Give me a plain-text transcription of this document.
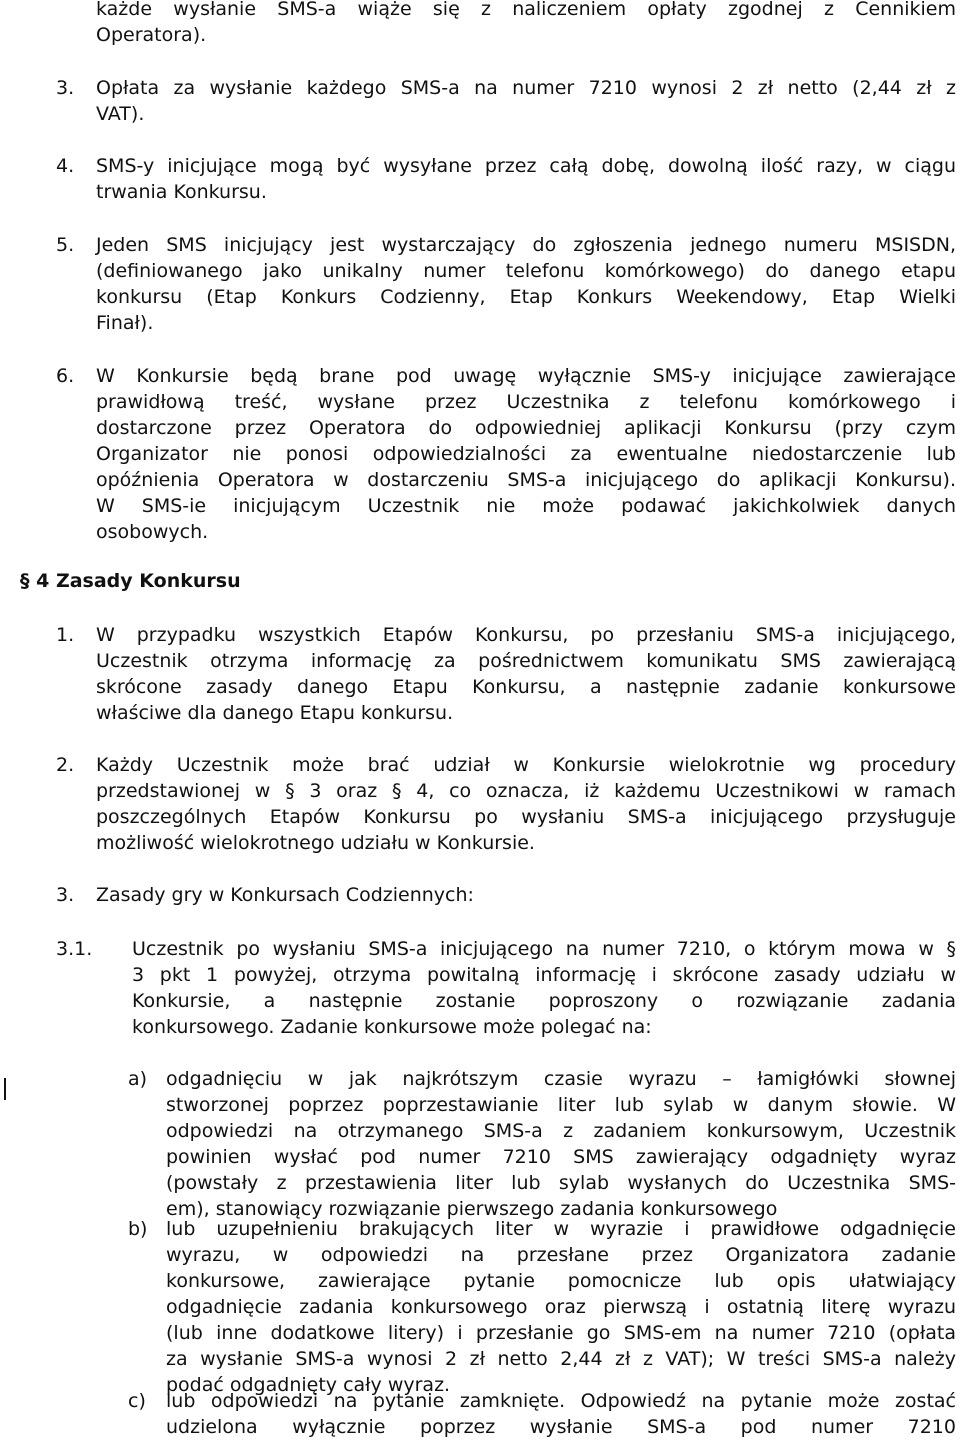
każde wysłanie SMS-a wiąże się z naliczeniem opłaty zgodnej z Cennikiem
Operatora).
3. Opłata za wysłanie każdego SMS-a na numer 7210 wynosi 2 zł netto (2,44 zł z
VAT).
4. SMS-y inicjujące mogą być wysyłane przez całą dobę, dowolną ilość razy, w ciągu
trwania Konkursu.
5. Jeden SMS inicjujący jest wystarczający do zgłoszenia jednego numeru MSISDN,
(definiowanego jako unikalny numer telefonu komórkowego) do danego etapu
konkursu (Etap Konkurs Codzienny, Etap Konkurs Weekendowy, Etap Wielki
Finał).
6. W Konkursie będą brane pod uwagę wyłącznie SMS-y inicjujące zawierające
prawidłową treść, wysłane przez Uczestnika z telefonu komórkowego i
dostarczone przez Operatora do odpowiedniej aplikacji Konkursu (przy czym
Organizator nie ponosi odpowiedzialności za ewentualne niedostarczenie lub
opóźnienia Operatora w dostarczeniu SMS-a inicjującego do aplikacji Konkursu).
W SMS-ie inicjującym Uczestnik nie może podawać jakichkolwiek danych
osobowych.
§ 4 Zasady Konkursu
1. W przypadku wszystkich Etapów Konkursu, po przesłaniu SMS-a inicjującego,
Uczestnik otrzyma informację za pośrednictwem komunikatu SMS zawierającą
skrócone zasady danego Etapu Konkursu, a następnie zadanie konkursowe
właściwe dla danego Etapu konkursu.
2. Każdy Uczestnik może brać udział w Konkursie wielokrotnie wg procedury
przedstawionej w § 3 oraz § 4, co oznacza, iż każdemu Uczestnikowi w ramach
poszczególnych Etapów Konkursu po wysłaniu SMS-a inicjującego przysługuje
możliwość wielokrotnego udziału w Konkursie.
3. Zasady gry w Konkursach Codziennych:
3.1. Uczestnik po wysłaniu SMS-a inicjującego na numer 7210, o którym mowa w §
3 pkt 1 powyżej, otrzyma powitalną informację i skrócone zasady udziału w
Konkursie, a następnie zostanie poproszony o rozwiązanie zadania
konkursowego. Zadanie konkursowe może polegać na:
a) odgadnięciu w jak najkrótszym czasie wyrazu – łamigłówki słownej
stworzonej poprzez poprzestawianie liter lub sylab w danym słowie. W
odpowiedzi na otrzymanego SMS-a z zadaniem konkursowym, Uczestnik
powinien wysłać pod numer 7210 SMS zawierający odgadnięty wyraz
(powstały z przestawienia liter lub sylab wysłanych do Uczestnika SMS-
em), stanowiący rozwiązanie pierwszego zadania konkursowego
b) lub uzupełnieniu brakujących liter w wyrazie i prawidłowe odgadnięcie
wyrazu, w odpowiedzi na przesłane przez Organizatora zadanie
konkursowe, zawierające pytanie pomocnicze lub opis ułatwiający
odgadnięcie zadania konkursowego oraz pierwszą i ostatnią literę wyrazu
(lub inne dodatkowe litery) i przesłanie go SMS-em na numer 7210 (opłata
za wysłanie SMS-a wynosi 2 zł netto 2,44 zł z VAT); W treści SMS-a należy
podać odgadnięty cały wyraz.
c) lub odpowiedzi na pytanie zamknięte. Odpowiedź na pytanie może zostać
udzielona wyłącznie poprzez wysłanie SMS-a pod numer 7210
